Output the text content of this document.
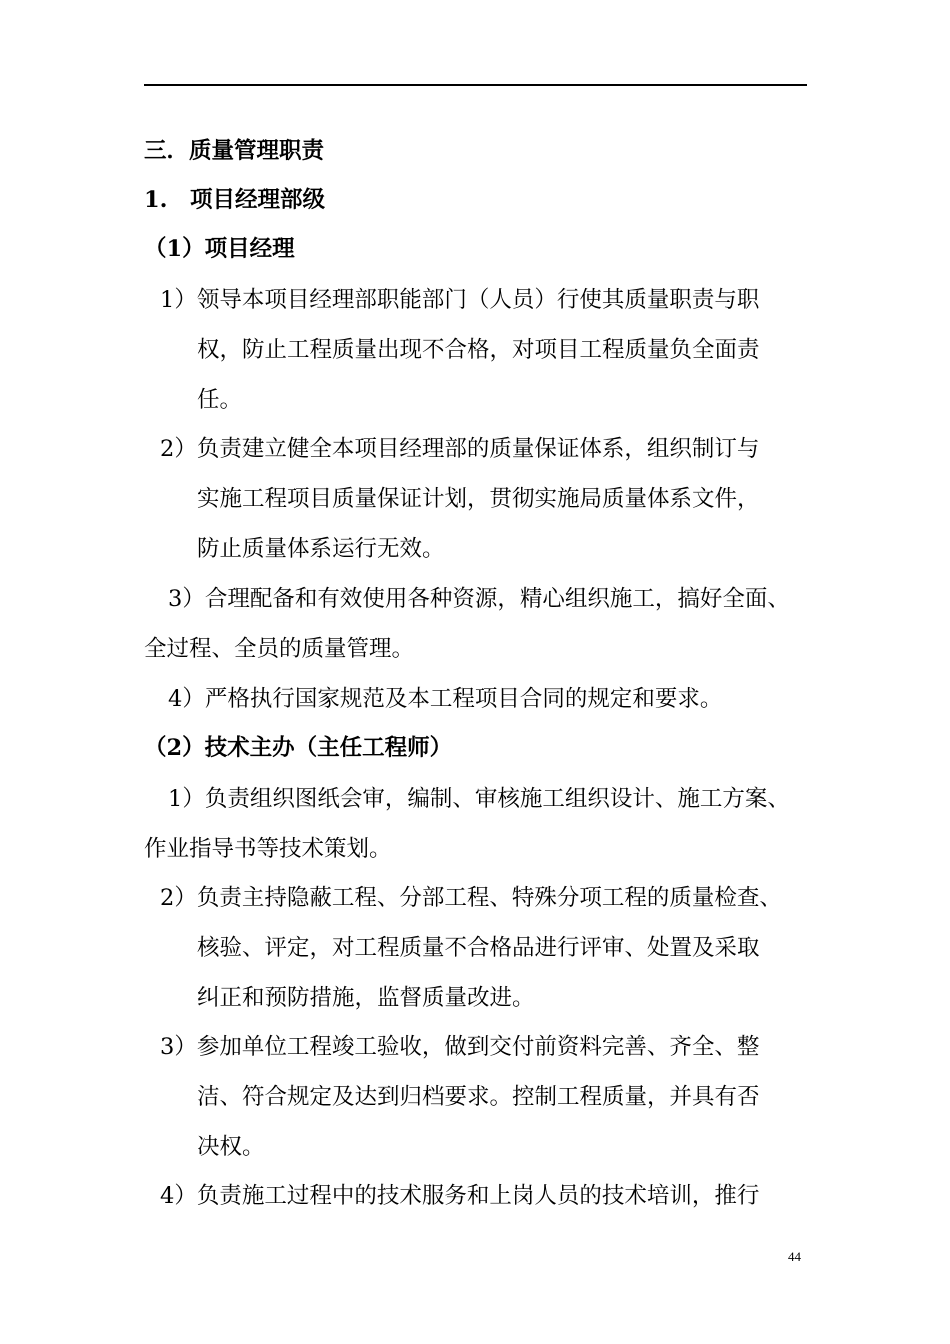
三．质量管理职责
1.　项目经理部级
（1）项目经理
1）领导本项目经理部职能部门（人员）行使其质量职责与职
权，防止工程质量出现不合格，对项目工程质量负全面责
任。
2）负责建立健全本项目经理部的质量保证体系，组织制订与
实施工程项目质量保证计划，贯彻实施局质量体系文件，
防止质量体系运行无效。
3）合理配备和有效使用各种资源，精心组织施工，搞好全面、
全过程、全员的质量管理。
4）严格执行国家规范及本工程项目合同的规定和要求。
（2）技术主办（主任工程师）
1）负责组织图纸会审，编制、审核施工组织设计、施工方案、
作业指导书等技术策划。
2）负责主持隐蔽工程、分部工程、特殊分项工程的质量检查、
核验、评定，对工程质量不合格品进行评审、处置及采取
纠正和预防措施，监督质量改进。
3）参加单位工程竣工验收，做到交付前资料完善、齐全、整
洁、符合规定及达到归档要求。控制工程质量，并具有否
决权。
4）负责施工过程中的技术服务和上岗人员的技术培训，推行
44
